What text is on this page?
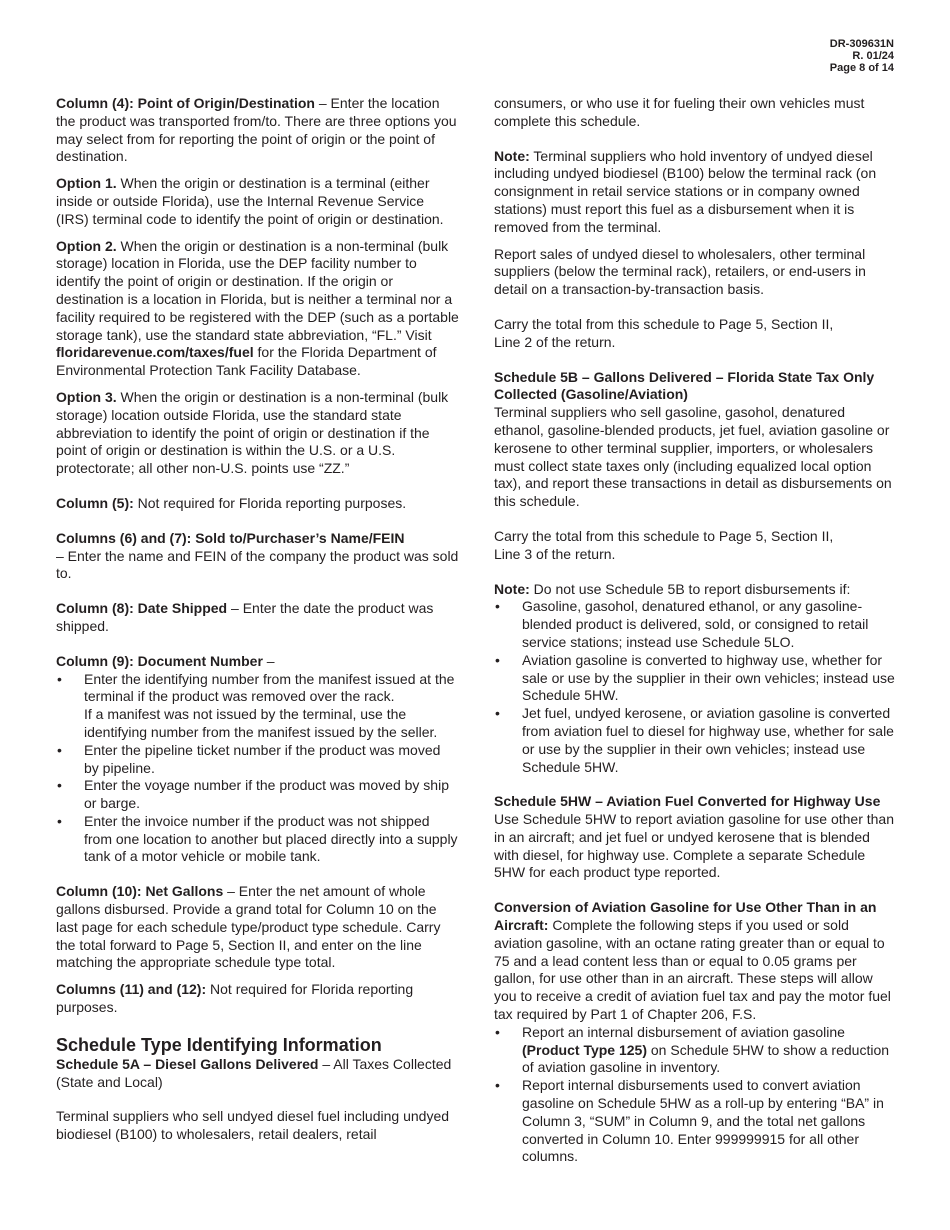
DR-309631N
R. 01/24
Page 8 of 14

Column (4): Point of Origin/Destination – Enter the location the product was transported from/to. There are three options you may select from for reporting the point of origin or the point of destination.

Option 1. When the origin or destination is a terminal (either inside or outside Florida), use the Internal Revenue Service (IRS) terminal code to identify the point of origin or destination.

Option 2. When the origin or destination is a non-terminal (bulk storage) location in Florida, use the DEP facility number to identify the point of origin or destination. If the origin or destination is a location in Florida, but is neither a terminal nor a facility required to be registered with the DEP (such as a portable storage tank), use the standard state abbreviation, “FL.” Visit floridarevenue.com/taxes/fuel for the Florida Department of Environmental Protection Tank Facility Database.

Option 3. When the origin or destination is a non-terminal (bulk storage) location outside Florida, use the standard state abbreviation to identify the point of origin or destination if the point of origin or destination is within the U.S. or a U.S. protectorate; all other non-U.S. points use “ZZ.”

Column (5): Not required for Florida reporting purposes.

Columns (6) and (7): Sold to/Purchaser’s Name/FEIN
– Enter the name and FEIN of the company the product was sold to.

Column (8): Date Shipped – Enter the date the product was shipped.

Column (9): Document Number –

• Enter the identifying number from the manifest issued at the terminal if the product was removed over the rack.
If a manifest was not issued by the terminal, use the identifying number from the manifest issued by the seller.
• Enter the pipeline ticket number if the product was moved by pipeline.
• Enter the voyage number if the product was moved by ship or barge.
• Enter the invoice number if the product was not shipped from one location to another but placed directly into a supply tank of a motor vehicle or mobile tank.

Column (10): Net Gallons – Enter the net amount of whole gallons disbursed. Provide a grand total for Column 10 on the last page for each schedule type/product type schedule. Carry the total forward to Page 5, Section II, and enter on the line matching the appropriate schedule type total.

Columns (11) and (12): Not required for Florida reporting purposes.

Schedule Type Identifying Information

Schedule 5A – Diesel Gallons Delivered – All Taxes Collected (State and Local)

Terminal suppliers who sell undyed diesel fuel including undyed biodiesel (B100) to wholesalers, retail dealers, retail

consumers, or who use it for fueling their own vehicles must complete this schedule.

Note: Terminal suppliers who hold inventory of undyed diesel including undyed biodiesel (B100) below the terminal rack (on consignment in retail service stations or in company owned stations) must report this fuel as a disbursement when it is removed from the terminal.

Report sales of undyed diesel to wholesalers, other terminal suppliers (below the terminal rack), retailers, or end-users in detail on a transaction-by-transaction basis.

Carry the total from this schedule to Page 5, Section II,
Line 2 of the return.

Schedule 5B – Gallons Delivered – Florida State Tax Only Collected (Gasoline/Aviation)
Terminal suppliers who sell gasoline, gasohol, denatured ethanol, gasoline-blended products, jet fuel, aviation gasoline or kerosene to other terminal supplier, importers, or wholesalers must collect state taxes only (including equalized local option tax), and report these transactions in detail as disbursements on this schedule.

Carry the total from this schedule to Page 5, Section II,
Line 3 of the return.

Note: Do not use Schedule 5B to report disbursements if:

• Gasoline, gasohol, denatured ethanol, or any gasoline-blended product is delivered, sold, or consigned to retail service stations; instead use Schedule 5LO.
• Aviation gasoline is converted to highway use, whether for sale or use by the supplier in their own vehicles; instead use Schedule 5HW.
• Jet fuel, undyed kerosene, or aviation gasoline is converted from aviation fuel to diesel for highway use, whether for sale or use by the supplier in their own vehicles; instead use Schedule 5HW.

Schedule 5HW – Aviation Fuel Converted for Highway Use
Use Schedule 5HW to report aviation gasoline for use other than in an aircraft; and jet fuel or undyed kerosene that is blended with diesel, for highway use. Complete a separate Schedule 5HW for each product type reported.

Conversion of Aviation Gasoline for Use Other Than in an Aircraft: Complete the following steps if you used or sold aviation gasoline, with an octane rating greater than or equal to 75 and a lead content less than or equal to 0.05 grams per gallon, for use other than in an aircraft. These steps will allow you to receive a credit of aviation fuel tax and pay the motor fuel tax required by Part 1 of Chapter 206, F.S.

• Report an internal disbursement of aviation gasoline (Product Type 125) on Schedule 5HW to show a reduction of aviation gasoline in inventory.
• Report internal disbursements used to convert aviation gasoline on Schedule 5HW as a roll-up by entering “BA” in Column 3, “SUM” in Column 9, and the total net gallons converted in Column 10. Enter 999999915 for all other columns.
